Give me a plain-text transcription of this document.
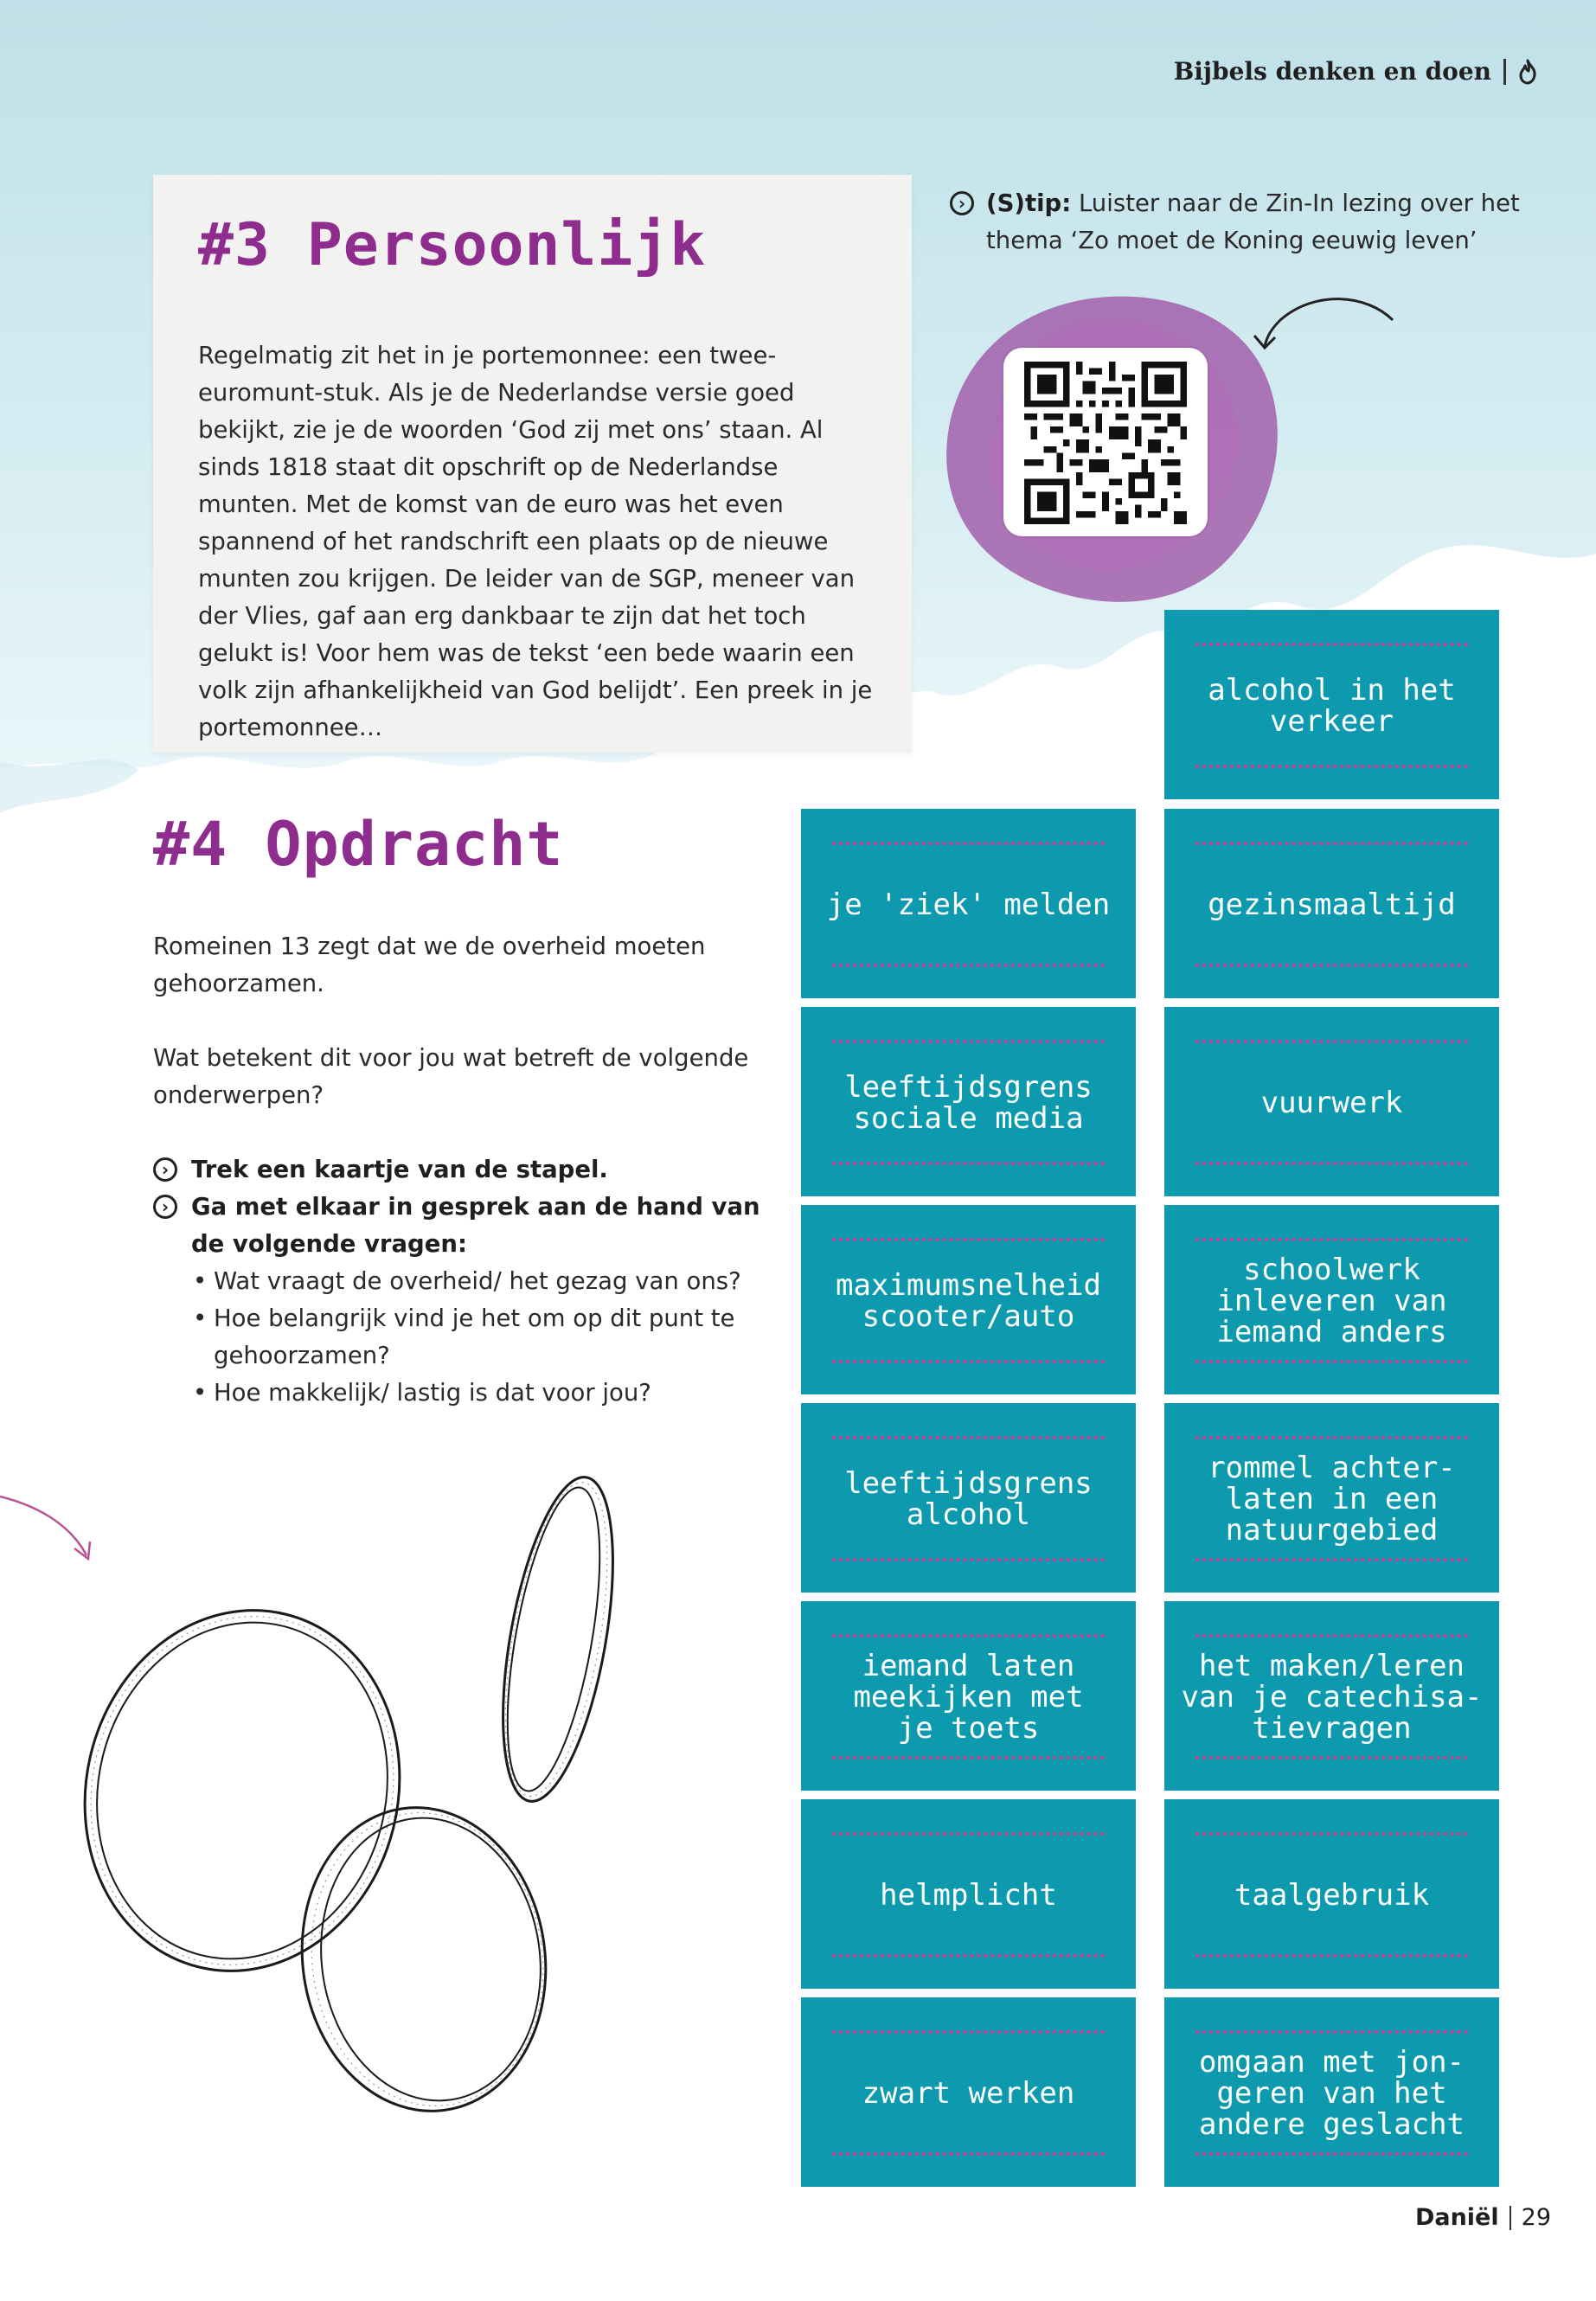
Bijbels denken en doen
#3 Persoonlijk
Regelmatig zit het in je portemonnee: een twee-euromunt-stuk. Als je de Nederlandse versie goed bekijkt, zie je de woorden ‘God zij met ons’ staan. Al sinds 1818 staat dit opschrift op de Nederlandse munten. Met de komst van de euro was het even spannend of het randschrift een plaats op de nieuwe munten zou krijgen. De leider van de SGP, meneer van der Vlies, gaf aan erg dankbaar te zijn dat het toch gelukt is! Voor hem was de tekst ‘een bede waarin een volk zijn afhankelijkheid van God belijdt’. Een preek in je portemonnee…
› (S)tip: Luister naar de Zin-In lezing over het thema ‘Zo moet de Koning eeuwig leven’
#4 Opdracht
Romeinen 13 zegt dat we de overheid moeten gehoorzamen.
Wat betekent dit voor jou wat betreft de volgende onderwerpen?
› Trek een kaartje van de stapel.
› Ga met elkaar in gesprek aan de hand van de volgende vragen:
• Wat vraagt de overheid/ het gezag van ons?
• Hoe belangrijk vind je het om op dit punt te gehoorzamen?
• Hoe makkelijk/ lastig is dat voor jou?
alcohol in het
verkeer
je 'ziek' melden	gezinsmaaltijd
leeftijdsgrens
sociale media	vuurwerk
maximumsnelheid
scooter/auto
schoolwerk
inleveren van
iemand anders
leeftijdsgrens
alcohol
rommel achter-
laten in een
natuurgebied
iemand laten
meekijken met
je toets
het maken/leren
van je catechisa-
tievragen
helmplicht	taalgebruik
zwart werken
omgaan met jon-
geren van het
andere geslacht
Daniël 29
